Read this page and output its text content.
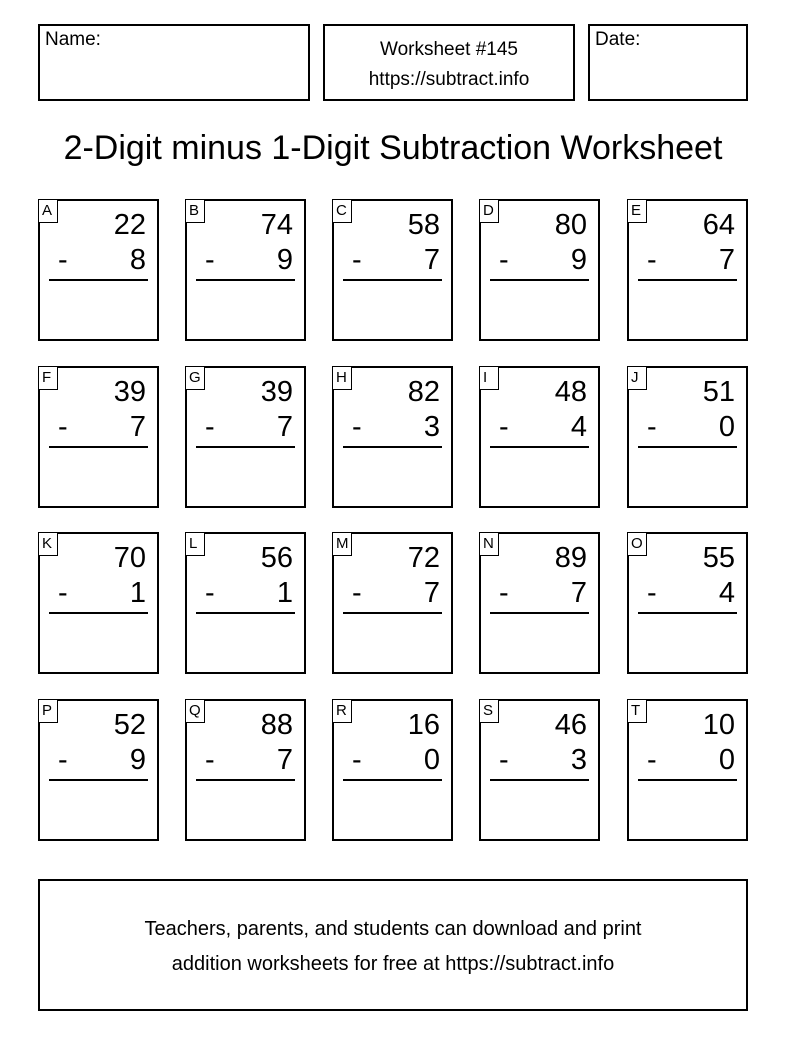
Name:	Worksheet #145
https://subtract.info
Date:
2-Digit minus 1-Digit Subtraction Worksheet
A 22
- 8
B 74
- 9
C 58
- 7
D 80
- 9
E 64
- 7
F 39
- 7
G 39
- 7
H 82
- 3
I	48
- 4
J 51
- 0
K 70
- 1
L 56
- 1
M 72
- 7
N 89
- 7
O 55
- 4
P 52
- 9
Q 88
- 7
R 16
- 0
S 46
- 3
T 10
- 0
Teachers, parents, and students can download and print
addition worksheets for free at https://subtract.info
